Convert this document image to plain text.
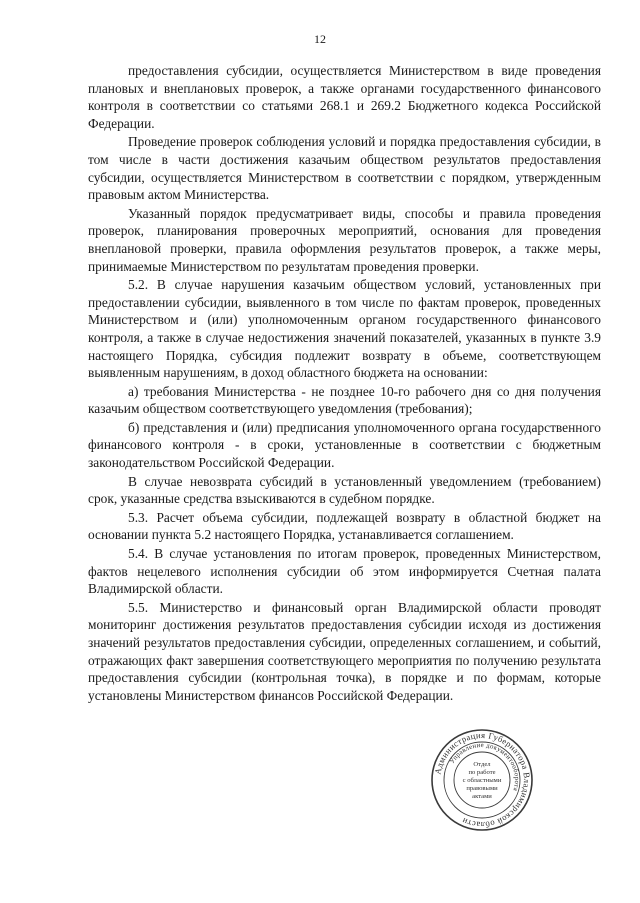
12

предоставления субсидии, осуществляется Министерством в виде проведения плановых и внеплановых проверок, а также органами государственного финансового контроля в соответствии со статьями 268.1 и 269.2 Бюджетного кодекса Российской Федерации.

Проведение проверок соблюдения условий и порядка предоставления субсидии, в том числе в части достижения казачьим обществом результатов предоставления субсидии, осуществляется Министерством в соответствии с порядком, утвержденным правовым актом Министерства.

Указанный порядок предусматривает виды, способы и правила проведения проверок, планирования проверочных мероприятий, основания для проведения внеплановой проверки, правила оформления результатов проверок, а также меры, принимаемые Министерством по результатам проведения проверки.

5.2. В случае нарушения казачьим обществом условий, установленных при предоставлении субсидии, выявленного в том числе по фактам проверок, проведенных Министерством и (или) уполномоченным органом государственного финансового контроля, а также в случае недостижения значений показателей, указанных в пункте 3.9 настоящего Порядка, субсидия подлежит возврату в объеме, соответствующем выявленным нарушениям, в доход областного бюджета на основании:

а) требования Министерства - не позднее 10-го рабочего дня со дня получения казачьим обществом соответствующего уведомления (требования);

б) представления и (или) предписания уполномоченного органа государственного финансового контроля - в сроки, установленные в соответствии с бюджетным законодательством Российской Федерации.

В случае невозврата субсидий в установленный уведомлением (требованием) срок, указанные средства взыскиваются в судебном порядке.

5.3. Расчет объема субсидии, подлежащей возврату в областной бюджет на основании пункта 5.2 настоящего Порядка, устанавливается соглашением.

5.4. В случае установления по итогам проверок, проведенных Министерством, фактов нецелевого исполнения субсидии об этом информируется Счетная палата Владимирской области.

5.5. Министерство и финансовый орган Владимирской области проводят мониторинг достижения результатов предоставления субсидии исходя из достижения значений результатов предоставления субсидии, определенных соглашением, и событий, отражающих факт завершения соответствующего мероприятия по получению результата предоставления субсидии (контрольная точка), в порядке и по формам, которые установлены Министерством финансов Российской Федерации.

Администрация Губернатора Владимирской области
Управление документооборота
Отдел
по работе
с областными
правовыми
актами
